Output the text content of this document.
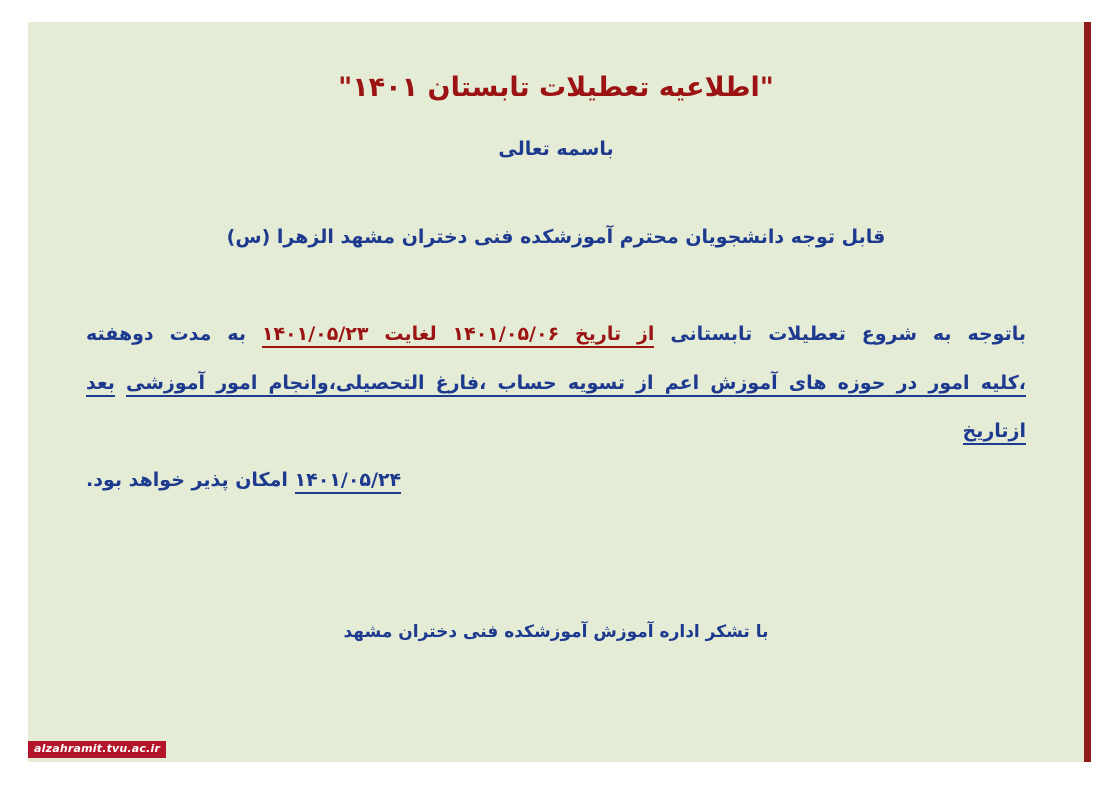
"اطلاعیه تعطیلات تابستان ۱۴۰۱"
باسمه تعالی
قابل توجه دانشجویان محترم آموزشکده فنی دختران مشهد الزهرا (س)
باتوجه به شروع تعطیلات تابستانی از تاریخ ۱۴۰۱/۰۵/۰۶ لغایت ۱۴۰۱/۰۵/۲۳ به مدت دوهفته
،کلیه امور در حوزه های آموزش اعم از تسویه حساب ،فارغ التحصیلی،وانجام امور آموزشی بعد ازتاریخ
۱۴۰۱/۰۵/۲۴ امکان پذیر خواهد بود.
با تشکر اداره آموزش آموزشکده فنی دختران مشهد
alzahramit.tvu.ac.ir
